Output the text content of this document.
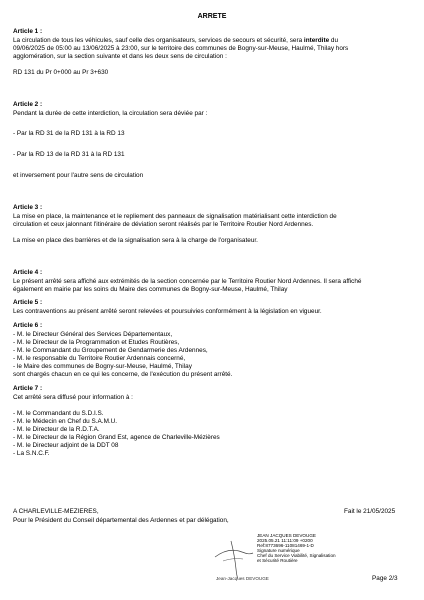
ARRETE
Article 1 :
La circulation de tous les véhicules, sauf celle des organisateurs, services de secours et sécurité, sera interdite du
09/06/2025 de 05:00 au 13/06/2025 à 23:00, sur le territoire des communes de Bogny-sur-Meuse, Haulmé, Thilay hors
agglomération, sur la section suivante et dans les deux sens de circulation :
RD 131 du Pr 0+000 au Pr 3+630
Article 2 :
Pendant la durée de cette interdiction, la circulation sera déviée par :
- Par la RD 31 de la RD 131 à la RD 13
- Par la RD 13 de la RD 31 à la RD 131
et inversement pour l'autre sens de circulation
Article 3 :
La mise en place, la maintenance et le repliement des panneaux de signalisation matérialisant cette interdiction de
circulation et ceux jalonnant l'itinéraire de déviation seront réalisés par le Territoire Routier Nord Ardennes.
La mise en place des barrières et de la signalisation sera à la charge de l'organisateur.
Article 4 :
Le présent arrêté sera affiché aux extrémités de la section concernée par le Territoire Routier Nord Ardennes. Il sera affiché
également en mairie par les soins du Maire des communes de Bogny-sur-Meuse, Haulmé, Thilay
Article 5 :
Les contraventions au présent arrêté seront relevées et poursuivies conformément à la législation en vigueur.
Article 6 :
- M. le Directeur Général des Services Départementaux,
- M. le Directeur de la Programmation et Etudes Routières,
- M. le Commandant du Groupement de Gendarmerie des Ardennes,
- M. le responsable du Territoire Routier Ardennais concerné,
- le Maire des communes de Bogny-sur-Meuse, Haulmé, Thilay
sont chargés chacun en ce qui les concerne, de l'exécution du présent arrêté.
Article 7 :
Cet arrêté sera diffusé pour information à :
- M. le Commandant du S.D.I.S.
- M. le Médecin en Chef du S.A.M.U.
- M. le Directeur de la R.D.T.A.
- M. le Directeur de la Région Grand Est, agence de Charleville-Mézières
- M. le Directeur adjoint de la DDT 08
- La S.N.C.F.
A CHARLEVILLE-MEZIERES,	Fait le 21/05/2025
Pour le Président du Conseil départemental des Ardennes et par délégation,
JEAN JACQUES DEVOUGE
2025.05.21 11:11:09 +0200
Ref:8773696-11081469-1-D
Signature numérique
Chef du Service Viabilité, Signalisation
et Sécurité Routière
Jean-Jacques DEVOUGE	Page 2/3
